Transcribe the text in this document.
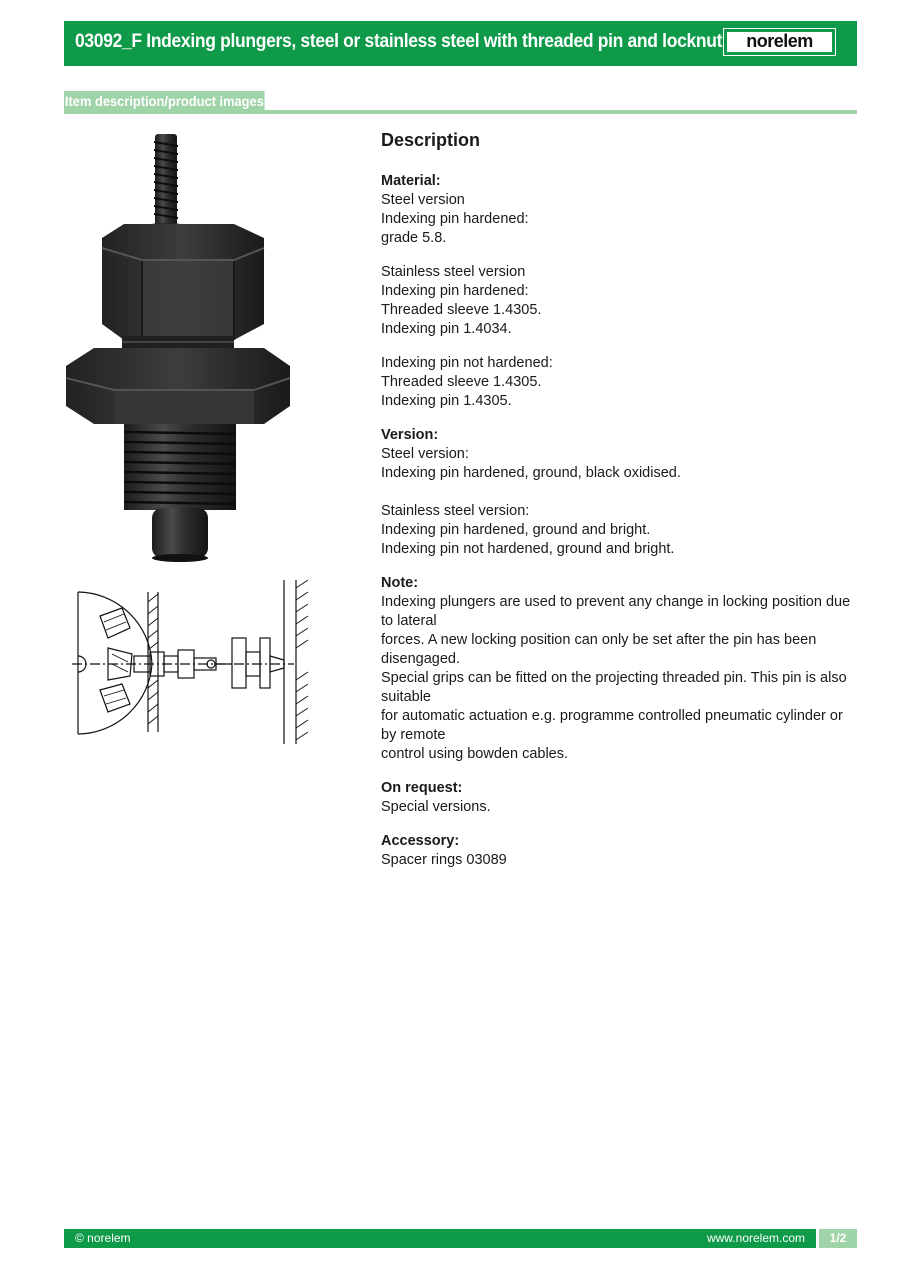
03092_F Indexing plungers, steel or stainless steel with threaded pin and locknut	norelem
Item description/product images
Description

Material:

Steel version

Indexing pin hardened:

grade 5.8.

Stainless steel version

Indexing pin hardened:

Threaded sleeve 1.4305.

Indexing pin 1.4034.

Indexing pin not hardened:

Threaded sleeve 1.4305.

Indexing pin 1.4305.

Version:

Steel version:

Indexing pin hardened, ground, black oxidised.

Stainless steel version:

Indexing pin hardened, ground and bright.

Indexing pin not hardened, ground and bright.

Note:

Indexing plungers are used to prevent any change in locking position due to lateral

forces. A new locking position can only be set after the pin has been disengaged.

Special grips can be fitted on the projecting threaded pin. This pin is also suitable

for automatic actuation e.g. programme controlled pneumatic cylinder or by remote

control using bowden cables.

On request:

Special versions.

Accessory:

Spacer rings 03089

© norelem	www.norelem.com	1/2
